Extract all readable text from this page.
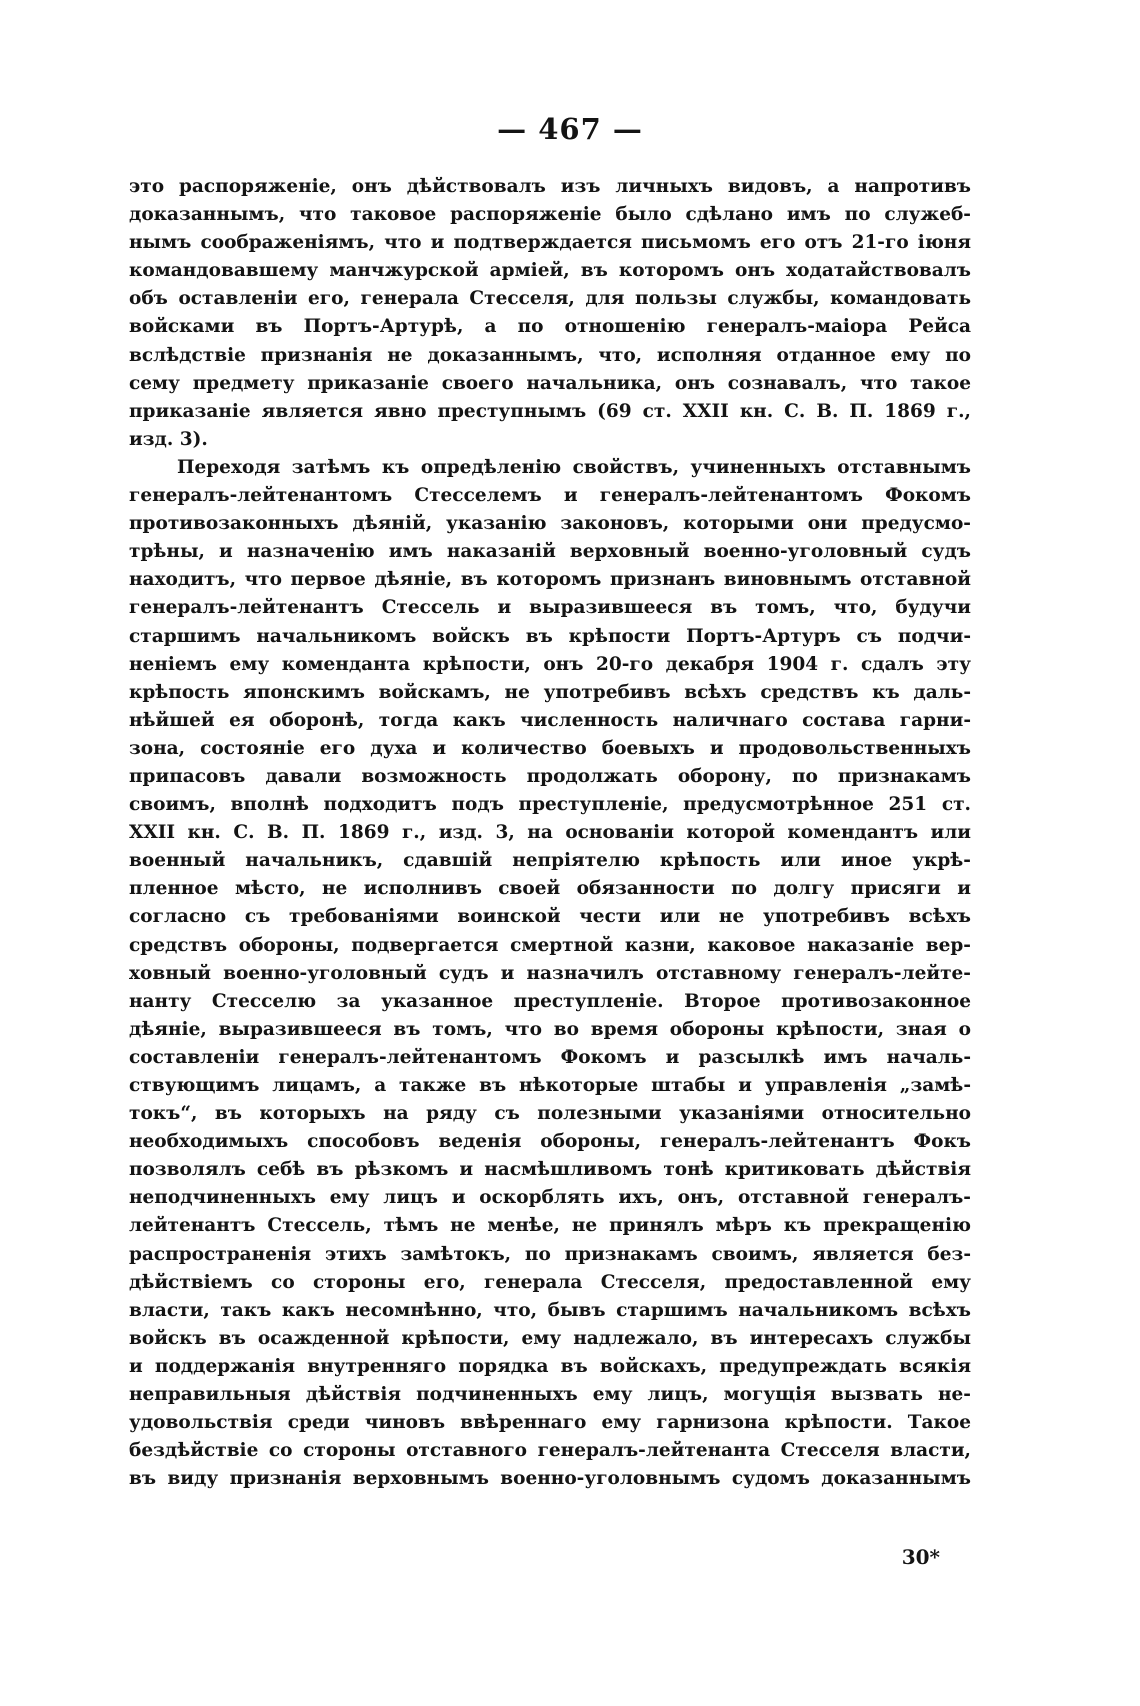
— 467 —
это распоряженіе, онъ дѣйствовалъ изъ личныхъ видовъ, а напротивъ
доказаннымъ, что таковое распоряженіе было сдѣлано имъ по служеб-
нымъ соображеніямъ, что и подтверждается письмомъ его отъ 21-го іюня
командовавшему манчжурской арміей, въ которомъ онъ ходатайствовалъ
объ оставленіи его, генерала Стесселя, для пользы службы, командовать
войсками въ Портъ-Артурѣ, а по отношенію генералъ-маіора Рейса
вслѣдствіе признанія не доказаннымъ, что, исполняя отданное ему по
сему предмету приказаніе своего начальника, онъ сознавалъ, что такое
приказаніе является явно преступнымъ (69 ст. XXII кн. С. В. П. 1869 г.,
изд. 3).
Переходя затѣмъ къ опредѣленію свойствъ, учиненныхъ отставнымъ
генералъ-лейтенантомъ Стесселемъ и генералъ-лейтенантомъ Фокомъ
противозаконныхъ дѣяній, указанію законовъ, которыми они предусмо-
трѣны, и назначенію имъ наказаній верховный военно-уголовный судъ
находитъ, что первое дѣяніе, въ которомъ признанъ виновнымъ отставной
генералъ-лейтенантъ Стессель и выразившееся въ томъ, что, будучи
старшимъ начальникомъ войскъ въ крѣпости Портъ-Артуръ съ подчи-
неніемъ ему коменданта крѣпости, онъ 20-го декабря 1904 г. сдалъ эту
крѣпость японскимъ войскамъ, не употребивъ всѣхъ средствъ къ даль-
нѣйшей ея оборонѣ, тогда какъ численность наличнаго состава гарни-
зона, состояніе его духа и количество боевыхъ и продовольственныхъ
припасовъ давали возможность продолжать оборону, по признакамъ
своимъ, вполнѣ подходитъ подъ преступленіе, предусмотрѣнное 251 ст.
XXII кн. С. В. П. 1869 г., изд. 3, на основаніи которой комендантъ или
военный начальникъ, сдавшій непріятелю крѣпость или иное укрѣ-
пленное мѣсто, не исполнивъ своей обязанности по долгу присяги и
согласно съ требованіями воинской чести или не употребивъ всѣхъ
средствъ обороны, подвергается смертной казни, каковое наказаніе вер-
ховный военно-уголовный судъ и назначилъ отставному генералъ-лейте-
нанту Стесселю за указанное преступленіе. Второе противозаконное
дѣяніе, выразившееся въ томъ, что во время обороны крѣпости, зная о
составленіи генералъ-лейтенантомъ Фокомъ и разсылкѣ имъ началь-
ствующимъ лицамъ, а также въ нѣкоторые штабы и управленія „замѣ-
токъ“, въ которыхъ на ряду съ полезными указаніями относительно
необходимыхъ способовъ веденія обороны, генералъ-лейтенантъ Фокъ
позволялъ себѣ въ рѣзкомъ и насмѣшливомъ тонѣ критиковать дѣйствія
неподчиненныхъ ему лицъ и оскорблять ихъ, онъ, отставной генералъ-
лейтенантъ Стессель, тѣмъ не менѣе, не принялъ мѣръ къ прекращенію
распространенія этихъ замѣтокъ, по признакамъ своимъ, является без-
дѣйствіемъ со стороны его, генерала Стесселя, предоставленной ему
власти, такъ какъ несомнѣнно, что, бывъ старшимъ начальникомъ всѣхъ
войскъ въ осажденной крѣпости, ему надлежало, въ интересахъ службы
и поддержанія внутренняго порядка въ войскахъ, предупреждать всякія
неправильныя дѣйствія подчиненныхъ ему лицъ, могущія вызвать не-
удовольствія среди чиновъ ввѣреннаго ему гарнизона крѣпости. Такое
бездѣйствіе со стороны отставного генералъ-лейтенанта Стесселя власти,
въ виду признанія верховнымъ военно-уголовнымъ судомъ доказаннымъ
30*
